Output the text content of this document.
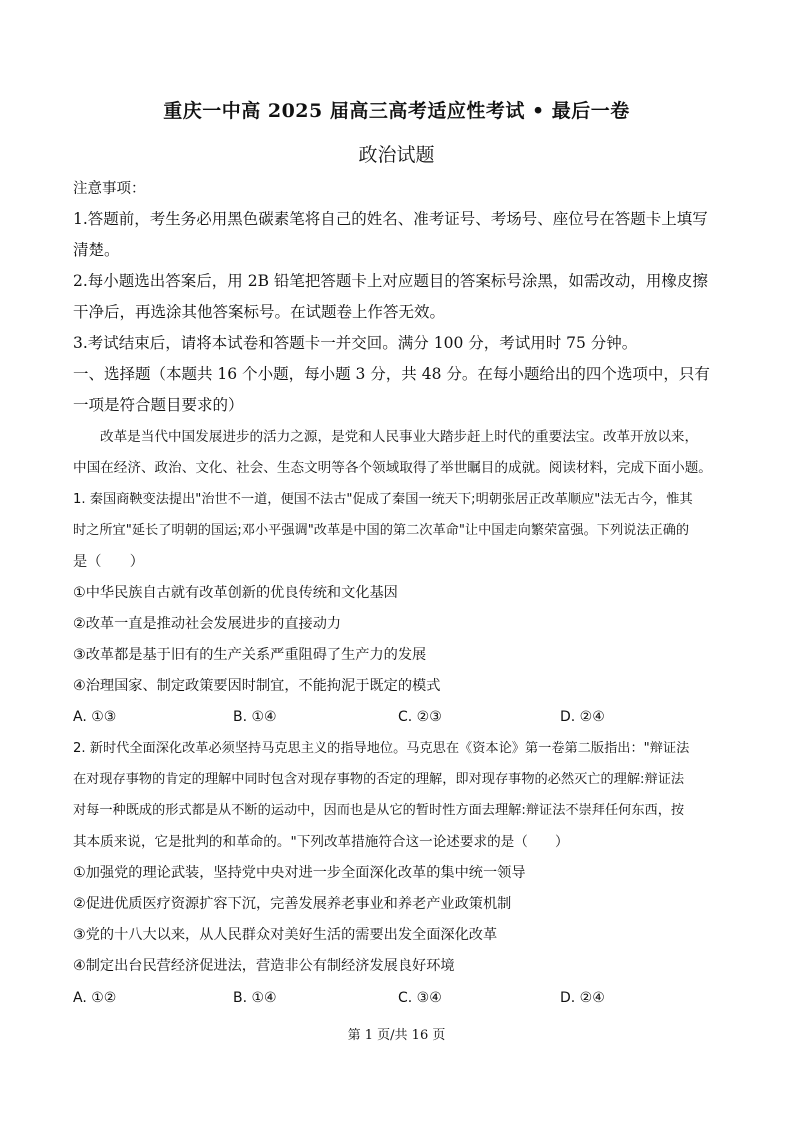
重庆一中高 2025 届高三高考适应性考试 • 最后一卷
政治试题
注意事项：
1.答题前，考生务必用黑色碳素笔将自己的姓名、准考证号、考场号、座位号在答题卡上填写
清楚。
2.每小题选出答案后，用 2B 铅笔把答题卡上对应题目的答案标号涂黑，如需改动，用橡皮擦
干净后，再选涂其他答案标号。在试题卷上作答无效。
3.考试结束后，请将本试卷和答题卡一并交回。满分 100 分，考试用时 75 分钟。
一、选择题（本题共 16 个小题，每小题 3 分，共 48 分。在每小题给出的四个选项中，只有
一项是符合题目要求的）
改革是当代中国发展进步的活力之源，是党和人民事业大踏步赶上时代的重要法宝。改革开放以来，
中国在经济、政治、文化、社会、生态文明等各个领域取得了举世瞩目的成就。阅读材料，完成下面小题。
1. 秦国商鞅变法提出"治世不一道，便国不法古"促成了秦国一统天下;明朝张居正改革顺应"法无古今，惟其
时之所宜"延长了明朝的国运;邓小平强调"改革是中国的第二次革命"让中国走向繁荣富强。下列说法正确的
是（　　）
①中华民族自古就有改革创新的优良传统和文化基因
②改革一直是推动社会发展进步的直接动力
③改革都是基于旧有的生产关系严重阻碍了生产力的发展
④治理国家、制定政策要因时制宜，不能拘泥于既定的模式
A. ①③	B. ①④	C. ②③	D. ②④
2. 新时代全面深化改革必须坚持马克思主义的指导地位。马克思在《资本论》第一卷第二版指出："辩证法
在对现存事物的肯定的理解中同时包含对现存事物的否定的理解，即对现存事物的必然灭亡的理解:辩证法
对每一种既成的形式都是从不断的运动中，因而也是从它的暂时性方面去理解:辩证法不崇拜任何东西，按
其本质来说，它是批判的和革命的。"下列改革措施符合这一论述要求的是（　　）
①加强党的理论武装，坚持党中央对进一步全面深化改革的集中统一领导
②促进优质医疗资源扩容下沉，完善发展养老事业和养老产业政策机制
③党的十八大以来，从人民群众对美好生活的需要出发全面深化改革
④制定出台民营经济促进法，营造非公有制经济发展良好环境
A. ①②	B. ①④	C. ③④	D. ②④
第 1 页/共 16 页
